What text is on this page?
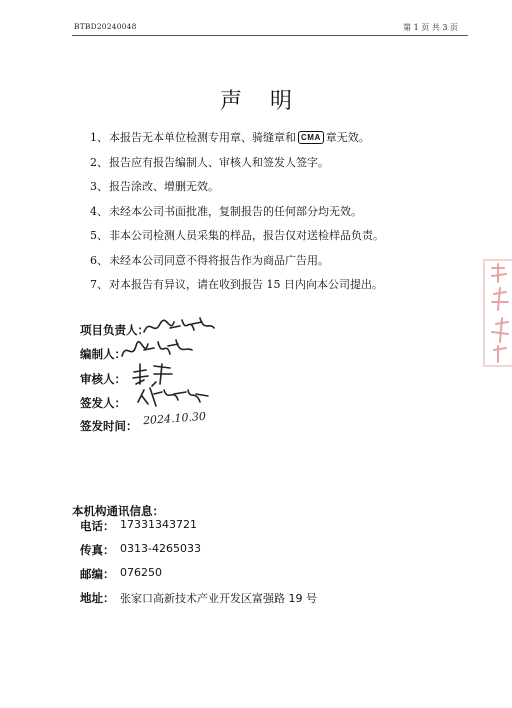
BTBD20240048	第 1 页 共 3 页
声明
1、 本报告无本单位检测专用章、骑缝章和 CMA 章无效。
2、 报告应有报告编制人、审核人和签发人签字。
3、 报告涂改、增删无效。
4、 未经本公司书面批准，复制报告的任何部分均无效。
5、 非本公司检测人员采集的样品，报告仅对送检样品负责。
6、 未经本公司同意不得将报告作为商品广告用。
7、 对本报告有异议，请在收到报告 15 日内向本公司提出。
项目负责人：
编制人：
审核人：
签发人：
签发时间： 2024.10.30
本机构通讯信息：
电话： 17331343721
传真： 0313-4265033
邮编： 076250
地址： 张家口高新技术产业开发区富强路 19 号
